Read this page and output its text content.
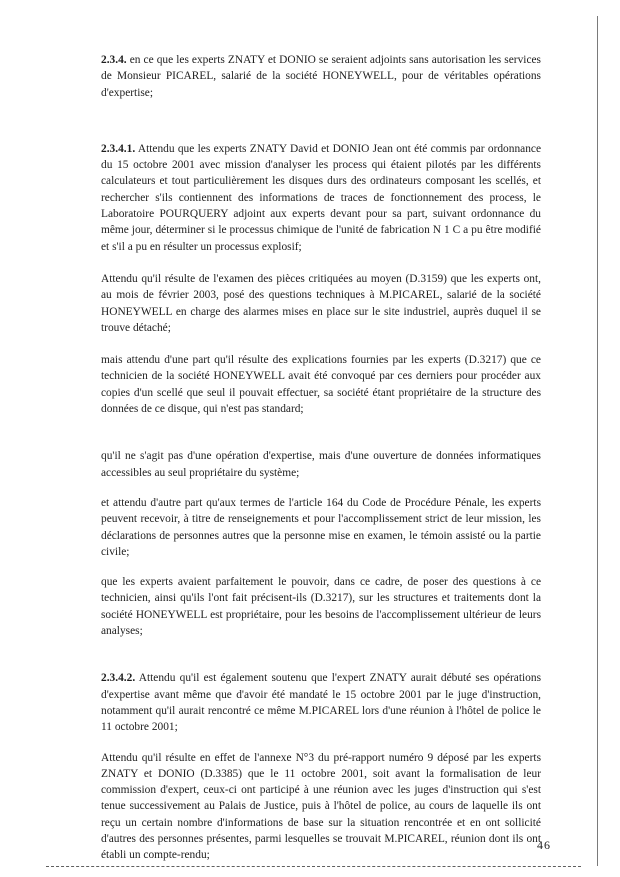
2.3.4. en ce que les experts ZNATY et DONIO se seraient adjoints sans autorisation les services de Monsieur PICAREL, salarié de la société HONEYWELL, pour de véritables opérations d'expertise;

2.3.4.1. Attendu que les experts ZNATY David et DONIO Jean ont été commis par ordonnance du 15 octobre 2001 avec mission d'analyser les process qui étaient pilotés par les différents calculateurs et tout particulièrement les disques durs des ordinateurs composant les scellés, et rechercher s'ils contiennent des informations de traces de fonctionnement des process, le Laboratoire POURQUERY adjoint aux experts devant pour sa part, suivant ordonnance du même jour, déterminer si le processus chimique de l'unité de fabrication N 1 C a pu être modifié et s'il a pu en résulter un processus explosif;

Attendu qu'il résulte de l'examen des pièces critiquées au moyen (D.3159) que les experts ont, au mois de février 2003, posé des questions techniques à M.PICAREL, salarié de la société HONEYWELL en charge des alarmes mises en place sur le site industriel, auprès duquel il se trouve détaché;

mais attendu d'une part qu'il résulte des explications fournies par les experts (D.3217) que ce technicien de la société HONEYWELL avait été convoqué par ces derniers pour procéder aux copies d'un scellé que seul il pouvait effectuer, sa société étant propriétaire de la structure des données de ce disque, qui n'est pas standard;

qu'il ne s'agit pas d'une opération d'expertise, mais d'une ouverture de données informatiques accessibles au seul propriétaire du système;

et attendu d'autre part qu'aux termes de l'article 164 du Code de Procédure Pénale, les experts peuvent recevoir, à titre de renseignements et pour l'accomplissement strict de leur mission, les déclarations de personnes autres que la personne mise en examen, le témoin assisté ou la partie civile;

que les experts avaient parfaitement le pouvoir, dans ce cadre, de poser des questions à ce technicien, ainsi qu'ils l'ont fait précisent-ils (D.3217), sur les structures et traitements dont la société HONEYWELL est propriétaire, pour les besoins de l'accomplissement ultérieur de leurs analyses;

2.3.4.2. Attendu qu'il est également soutenu que l'expert ZNATY aurait débuté ses opérations d'expertise avant même que d'avoir été mandaté le 15 octobre 2001 par le juge d'instruction, notamment qu'il aurait rencontré ce même M.PICAREL lors d'une réunion à l'hôtel de police le 11 octobre 2001;

Attendu qu'il résulte en effet de l'annexe N°3 du pré-rapport numéro 9 déposé par les experts ZNATY et DONIO (D.3385) que le 11 octobre 2001, soit avant la formalisation de leur commission d'expert, ceux-ci ont participé à une réunion avec les juges d'instruction qui s'est tenue successivement au Palais de Justice, puis à l'hôtel de police, au cours de laquelle ils ont reçu un certain nombre d'informations de base sur la situation rencontrée et en ont sollicité d'autres des personnes présentes, parmi lesquelles se trouvait M.PICAREL, réunion dont ils ont établi un compte-rendu;

46
